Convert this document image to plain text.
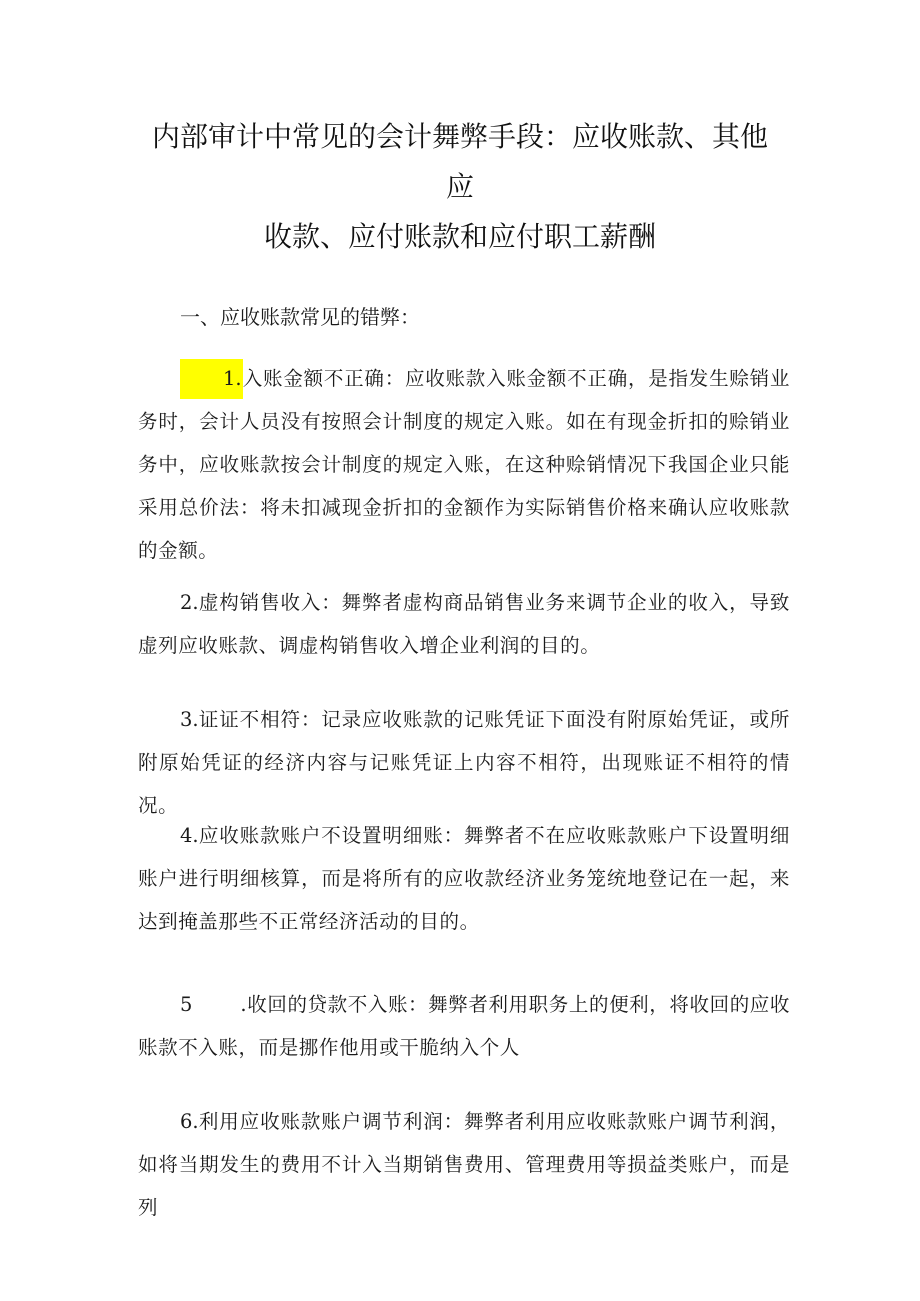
内部审计中常见的会计舞弊手段：应收账款、其他应
收款、应付账款和应付职工薪酬

一、应收账款常见的错弊：

1.入账金额不正确：应收账款入账金额不正确，是指发生赊销业务时，会计人员没有按照会计制度的规定入账。如在有现金折扣的赊销业务中，应收账款按会计制度的规定入账，在这种赊销情况下我国企业只能采用总价法：将未扣减现金折扣的金额作为实际销售价格来确认应收账款的金额。

2.虚构销售收入：舞弊者虚构商品销售业务来调节企业的收入，导致虚列应收账款、调虚构销售收入增企业利润的目的。

3.证证不相符：记录应收账款的记账凭证下面没有附原始凭证，或所附原始凭证的经济内容与记账凭证上内容不相符，出现账证不相符的情况。

4.应收账款账户不设置明细账：舞弊者不在应收账款账户下设置明细账户进行明细核算，而是将所有的应收款经济业务笼统地登记在一起，来达到掩盖那些不正常经济活动的目的。

5 .收回的贷款不入账：舞弊者利用职务上的便利，将收回的应收账款不入账，而是挪作他用或干脆纳入个人

6.利用应收账款账户调节利润：舞弊者利用应收账款账户调节利润，如将当期发生的费用不计入当期销售费用、管理费用等损益类账户，而是列
